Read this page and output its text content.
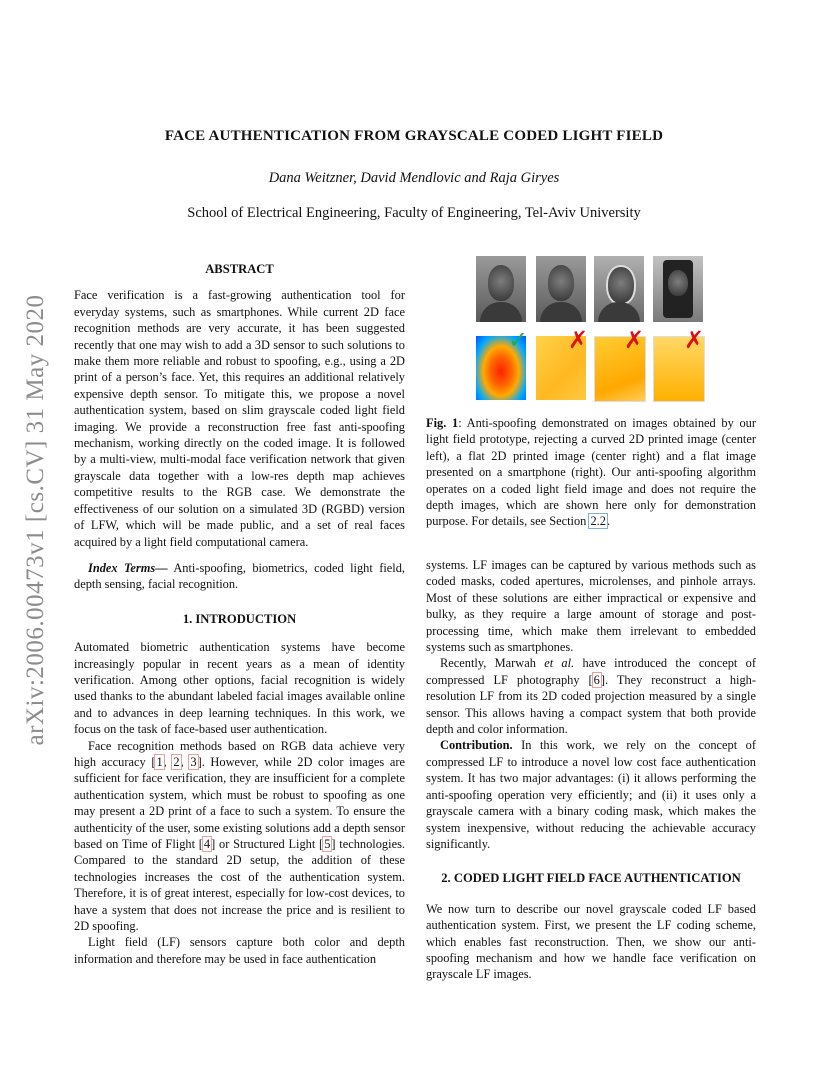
arXiv:2006.00473v1 [cs.CV] 31 May 2020
FACE AUTHENTICATION FROM GRAYSCALE CODED LIGHT FIELD
Dana Weitzner, David Mendlovic and Raja Giryes
School of Electrical Engineering, Faculty of Engineering, Tel-Aviv University

ABSTRACT

Face verification is a fast-growing authentication tool for everyday systems, such as smartphones. While current 2D face recognition methods are very accurate, it has been suggested recently that one may wish to add a 3D sensor to such solutions to make them more reliable and robust to spoofing, e.g., using a 2D print of a person’s face. Yet, this requires an additional relatively expensive depth sensor. To mitigate this, we propose a novel authentication system, based on slim grayscale coded light field imaging. We provide a reconstruction free fast anti-spoofing mechanism, working directly on the coded image. It is followed by a multi-view, multi-modal face verification network that given grayscale data together with a low-res depth map achieves competitive results to the RGB case. We demonstrate the effectiveness of our solution on a simulated 3D (RGBD) version of LFW, which will be made public, and a set of real faces acquired by a light field computational camera.

Index Terms— Anti-spoofing, biometrics, coded light field, depth sensing, facial recognition.

1. INTRODUCTION

Automated biometric authentication systems have become increasingly popular in recent years as a mean of identity verification. Among other options, facial recognition is widely used thanks to the abundant labeled facial images available online and to advances in deep learning techniques. In this work, we focus on the task of face-based user authentication.

Face recognition methods based on RGB data achieve very high accuracy [1, 2, 3]. However, while 2D color images are sufficient for face verification, they are insufficient for a complete authentication system, which must be robust to spoofing as one may present a 2D print of a face to such a system. To ensure the authenticity of the user, some existing solutions add a depth sensor based on Time of Flight [4] or Structured Light [5] technologies. Compared to the standard 2D setup, the addition of these technologies increases the cost of the authentication system. Therefore, it is of great interest, especially for low-cost devices, to have a system that does not increase the price and is resilient to 2D spoofing.

Light field (LF) sensors capture both color and depth information and therefore may be used in face authentication

✓ ✗ ✗ ✗

Fig. 1: Anti-spoofing demonstrated on images obtained by our light field prototype, rejecting a curved 2D printed image (center left), a flat 2D printed image (center right) and a flat image presented on a smartphone (right). Our anti-spoofing algorithm operates on a coded light field image and does not require the depth images, which are shown here only for demonstration purpose. For details, see Section 2.2.

systems. LF images can be captured by various methods such as coded masks, coded apertures, microlenses, and pinhole arrays. Most of these solutions are either impractical or expensive and bulky, as they require a large amount of storage and post-processing time, which make them irrelevant to embedded systems such as smartphones.

Recently, Marwah et al. have introduced the concept of compressed LF photography [6]. They reconstruct a high-resolution LF from its 2D coded projection measured by a single sensor. This allows having a compact system that both provide depth and color information.

Contribution. In this work, we rely on the concept of compressed LF to introduce a novel low cost face authentication system. It has two major advantages: (i) it allows performing the anti-spoofing operation very efficiently; and (ii) it uses only a grayscale camera with a binary coding mask, which makes the system inexpensive, without reducing the achievable accuracy significantly.

2. CODED LIGHT FIELD FACE AUTHENTICATION

We now turn to describe our novel grayscale coded LF based authentication system. First, we present the LF coding scheme, which enables fast reconstruction. Then, we show our anti-spoofing mechanism and how we handle face verification on grayscale LF images.
